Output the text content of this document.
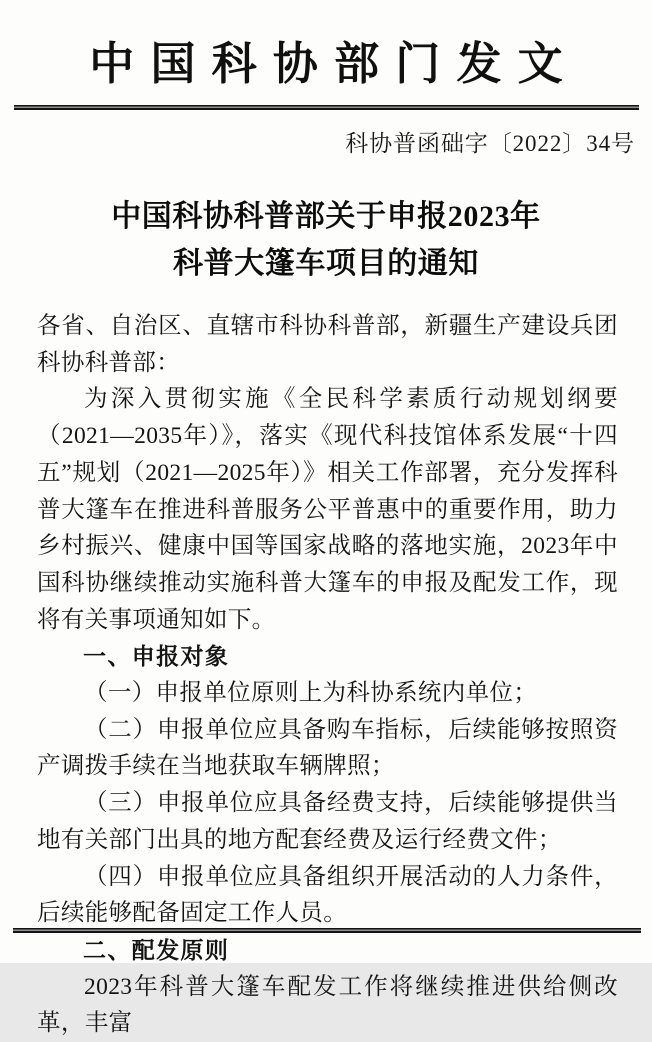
中国科协部门发文
科协普函础字〔2022〕34号
中国科协科普部关于申报2023年
科普大篷车项目的通知

各省、自治区、直辖市科协科普部，新疆生产建设兵团科协科普部：

为深入贯彻实施《全民科学素质行动规划纲要（2021—2035年）》，落实《现代科技馆体系发展“十四五”规划（2021—2025年）》相关工作部署，充分发挥科普大篷车在推进科普服务公平普惠中的重要作用，助力乡村振兴、健康中国等国家战略的落地实施，2023年中国科协继续推动实施科普大篷车的申报及配发工作，现将有关事项通知如下。

一、申报对象

（一）申报单位原则上为科协系统内单位；

（二）申报单位应具备购车指标，后续能够按照资产调拨手续在当地获取车辆牌照；

（三）申报单位应具备经费支持，后续能够提供当地有关部门出具的地方配套经费及运行经费文件；

（四）申报单位应具备组织开展活动的人力条件，后续能够配备固定工作人员。

二、配发原则

2023年科普大篷车配发工作将继续推进供给侧改革，丰富
